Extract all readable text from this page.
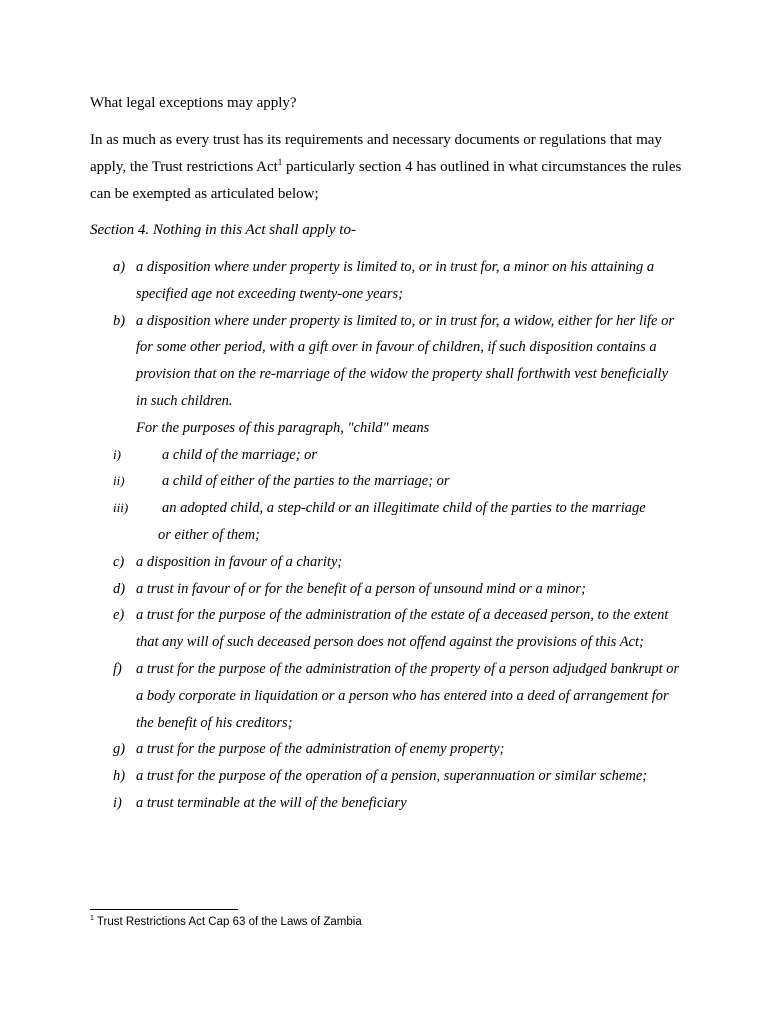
What legal exceptions may apply?
In as much as every trust has its requirements and necessary documents or regulations that may apply, the Trust restrictions Act$^1$ particularly section 4 has outlined in what circumstances the rules can be exempted as articulated below;
Section 4. Nothing in this Act shall apply to-
a) a disposition where under property is limited to, or in trust for, a minor on his attaining a specified age not exceeding twenty-one years;
b) a disposition where under property is limited to, or in trust for, a widow, either for her life or for some other period, with a gift over in favour of children, if such disposition contains a provision that on the re-marriage of the widow the property shall forthwith vest beneficially in such children.
For the purposes of this paragraph, "child" means
i)	a child of the marriage; or
ii)	a child of either of the parties to the marriage; or
iii) an adopted child, a step-child or an illegitimate child of the parties to the marriage
or either of them;
c) a disposition in favour of a charity;
d) a trust in favour of or for the benefit of a person of unsound mind or a minor;
e) a trust for the purpose of the administration of the estate of a deceased person, to the extent that any will of such deceased person does not offend against the provisions of this Act;
f) a trust for the purpose of the administration of the property of a person adjudged bankrupt or a body corporate in liquidation or a person who has entered into a deed of arrangement for the benefit of his creditors;
g) a trust for the purpose of the administration of enemy property;
h) a trust for the purpose of the operation of a pension, superannuation or similar scheme;
i) a trust terminable at the will of the beneficiary
$^1$ Trust Restrictions Act Cap 63 of the Laws of Zambia
